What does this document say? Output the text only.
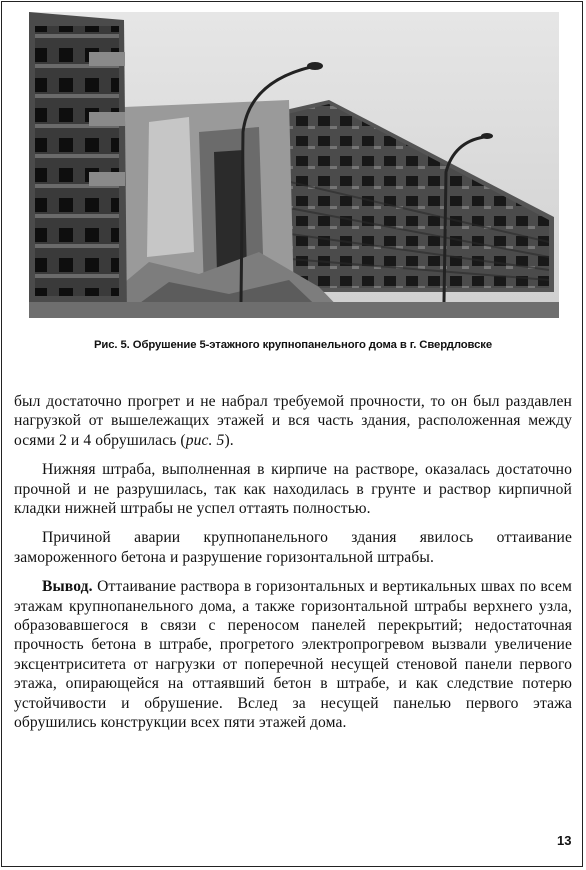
Рис. 5. Обрушение 5-этажного крупнопанельного дома в г. Свердловске

был достаточно прогрет и не набрал требуемой прочности, то он был раздавлен нагрузкой от вышележащих этажей и вся часть здания, расположенная между осями 2 и 4 обрушилась (рис. 5).

Нижняя штраба, выполненная в кирпиче на растворе, оказалась достаточно прочной и не разрушилась, так как находилась в грунте и раствор кирпичной кладки нижней штрабы не успел оттаять полностью.

Причиной аварии крупнопанельного здания явилось оттаивание замороженного бетона и разрушение горизонтальной штрабы.

Вывод. Оттаивание раствора в горизонтальных и вертикальных швах по всем этажам крупнопанельного дома, а также горизонтальной штрабы верхнего узла, образовавшегося в связи с переносом панелей перекрытий; недостаточная прочность бетона в штрабе, прогретого электропрогревом вызвали увеличение эксцентриситета от нагрузки от поперечной несущей стеновой панели первого этажа, опирающейся на оттаявший бетон в штрабе, и как следствие потерю устойчивости и обрушение. Вслед за несущей панелью первого этажа обрушились конструкции всех пяти этажей дома.

13
